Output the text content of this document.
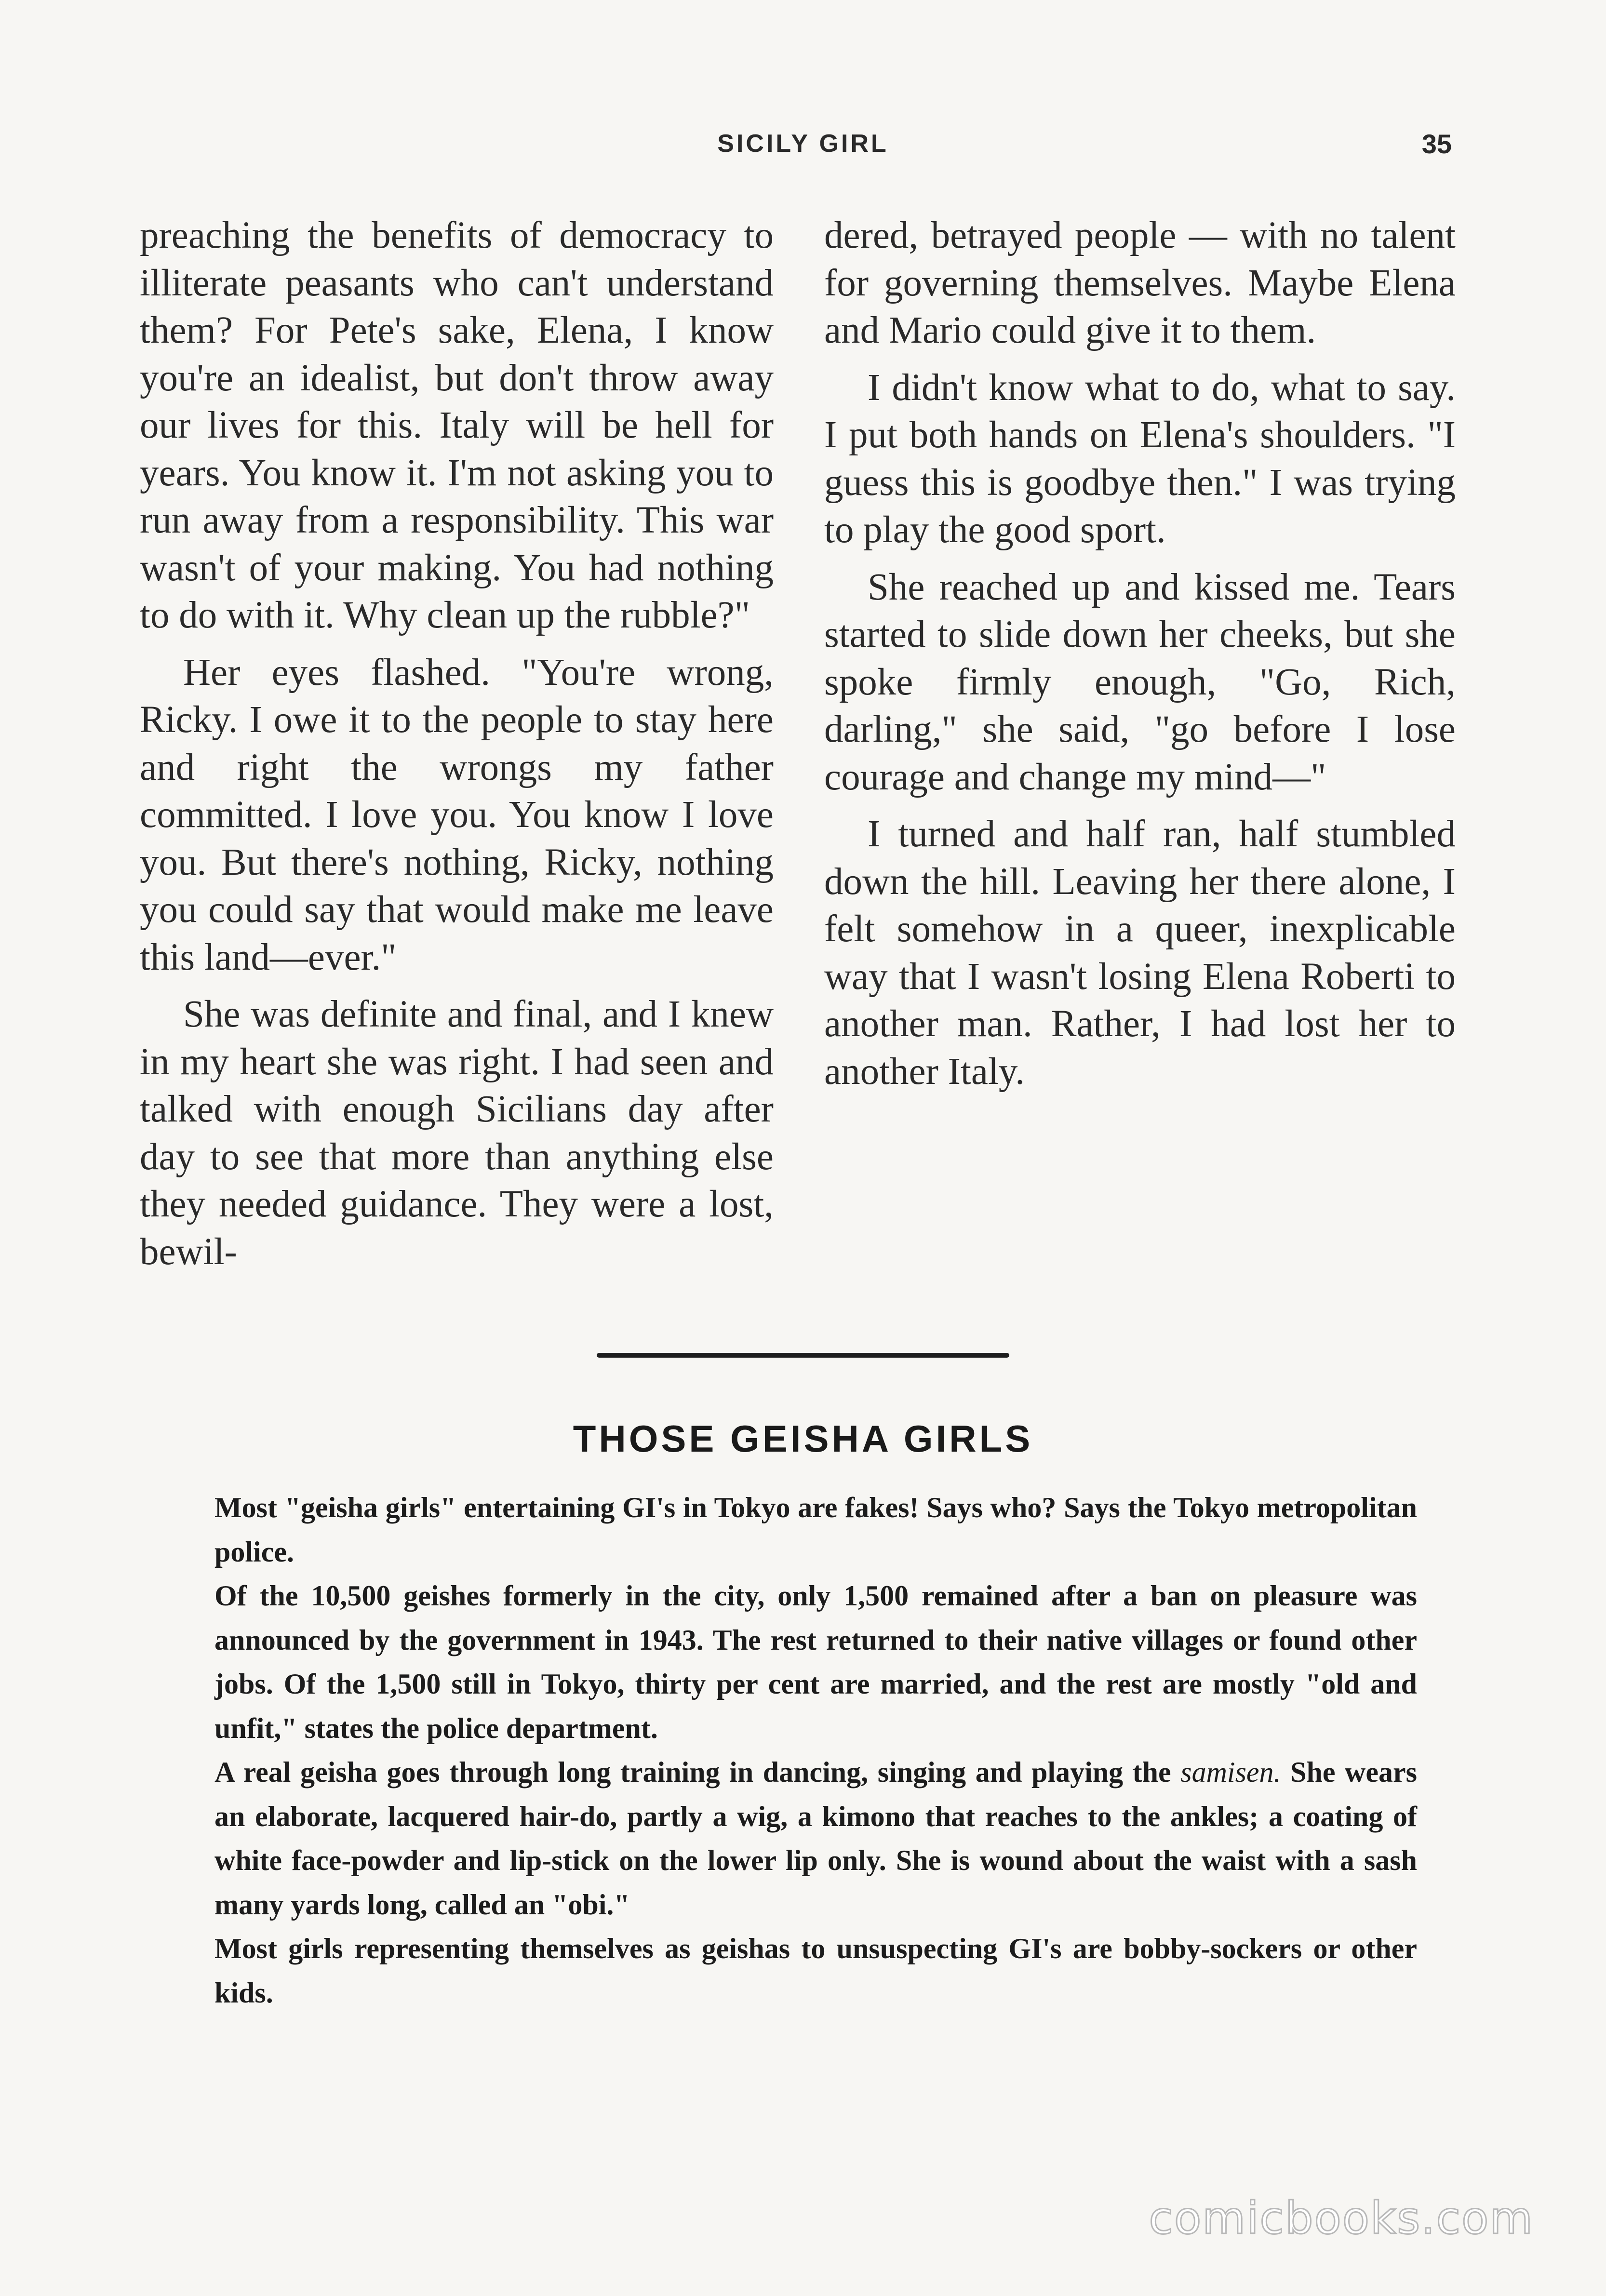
SICILY GIRL	35

preaching the benefits of democracy to illiterate peasants who can't understand them? For Pete's sake, Elena, I know you're an idealist, but don't throw away our lives for this. Italy will be hell for years. You know it. I'm not asking you to run away from a responsibility. This war wasn't of your making. You had nothing to do with it. Why clean up the rubble?"

Her eyes flashed. "You're wrong, Ricky. I owe it to the people to stay here and right the wrongs my father committed. I love you. You know I love you. But there's nothing, Ricky, nothing you could say that would make me leave this land—ever."

She was definite and final, and I knew in my heart she was right. I had seen and talked with enough Sicilians day after day to see that more than anything else they needed guidance. They were a lost, bewil-

dered, betrayed people — with no talent for governing themselves. Maybe Elena and Mario could give it to them.

I didn't know what to do, what to say. I put both hands on Elena's shoulders. "I guess this is goodbye then." I was trying to play the good sport.

She reached up and kissed me. Tears started to slide down her cheeks, but she spoke firmly enough, "Go, Rich, darling," she said, "go before I lose courage and change my mind—"

I turned and half ran, half stumbled down the hill. Leaving her there alone, I felt somehow in a queer, inexplicable way that I wasn't losing Elena Roberti to another man. Rather, I had lost her to another Italy.

THOSE GEISHA GIRLS

Most "geisha girls" entertaining GI's in Tokyo are fakes! Says who? Says the Tokyo metropolitan police.

Of the 10,500 geishes formerly in the city, only 1,500 remained after a ban on pleasure was announced by the government in 1943. The rest returned to their native villages or found other jobs. Of the 1,500 still in Tokyo, thirty per cent are married, and the rest are mostly "old and unfit," states the police department.

A real geisha goes through long training in dancing, singing and playing the samisen. She wears an elaborate, lacquered hair-do, partly a wig, a kimono that reaches to the ankles; a coating of white face-powder and lip-stick on the lower lip only. She is wound about the waist with a sash many yards long, called an "obi."

Most girls representing themselves as geishas to unsuspecting GI's are bobby-sockers or other kids.

comicbooks.com
